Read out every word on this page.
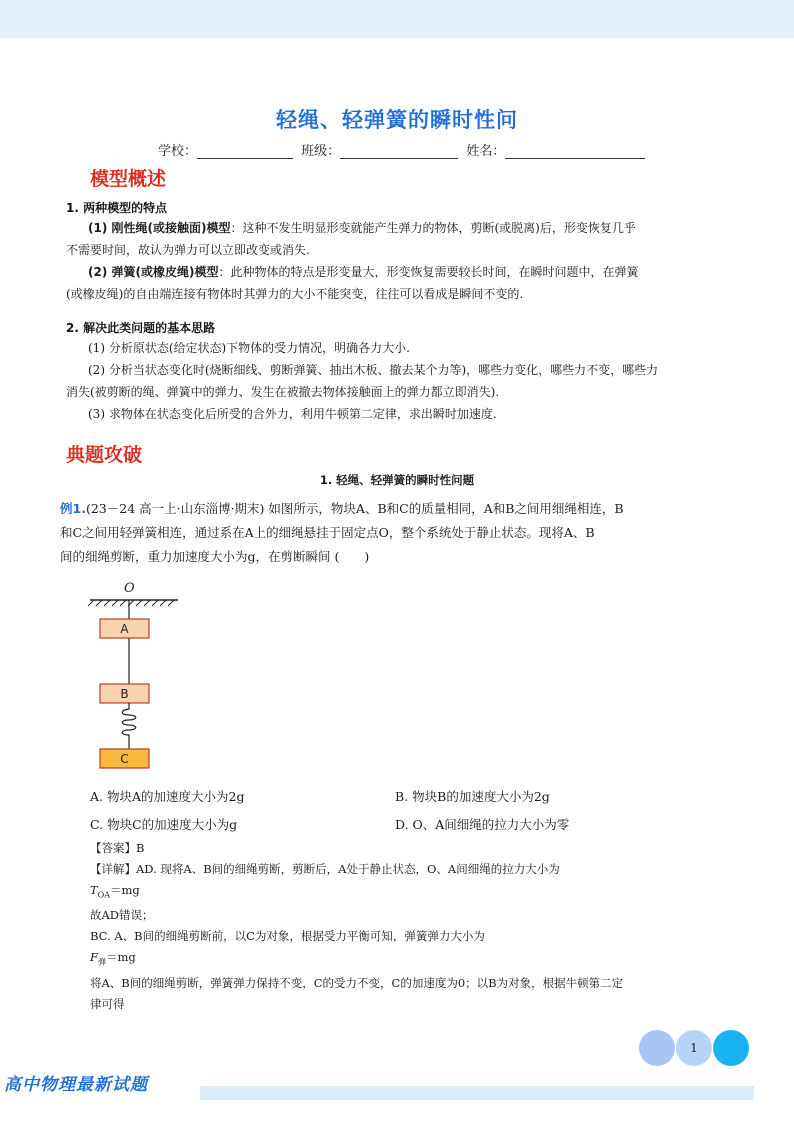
轻绳、轻弹簧的瞬时性问
学校：	班级：	姓名：
模型概述
1. 两种模型的特点
(1) 刚性绳(或接触面)模型：这种不发生明显形变就能产生弹力的物体，剪断(或脱离)后，形变恢复几乎
不需要时间，故认为弹力可以立即改变或消失.
(2) 弹簧(或橡皮绳)模型：此种物体的特点是形变量大，形变恢复需要较长时间，在瞬时问题中，在弹簧
(或橡皮绳)的自由端连接有物体时其弹力的大小不能突变，往往可以看成是瞬间不变的.
2. 解决此类问题的基本思路
(1) 分析原状态(给定状态)下物体的受力情况，明确各力大小.
(2) 分析当状态变化时(烧断细线、剪断弹簧、抽出木板、撤去某个力等)，哪些力变化，哪些力不变，哪些力
消失(被剪断的绳、弹簧中的弹力、发生在被撤去物体接触面上的弹力都立即消失).
(3) 求物体在状态变化后所受的合外力，利用牛顿第二定律，求出瞬时加速度.
典题攻破
1. 轻绳、轻弹簧的瞬时性问题
例1.(23－24 高一上·山东淄博·期末) 如图所示，物块A、B和C的质量相同，A和B之间用细绳相连，B
和C之间用轻弹簧相连，通过系在A上的细绳悬挂于固定点O，整个系统处于静止状态。现将A、B
间的细绳剪断，重力加速度大小为g，在剪断瞬间 (　　)
O
A
B
C
A. 物块A的加速度大小为2g	B. 物块B的加速度大小为2g
C. 物块C的加速度大小为g	D. O、A间细绳的拉力大小为零
【答案】B
【详解】AD. 现将A、B间的细绳剪断，剪断后，A处于静止状态，O、A间细绳的拉力大小为
$T_{OA}=mg$
故AD错误；
BC. A、B间的细绳剪断前，以C为对象，根据受力平衡可知，弹簧弹力大小为
$F_弹=mg$
将A、B间的细绳剪断，弹簧弹力保持不变，C的受力不变，C的加速度为0；以B为对象，根据牛顿第二定
律可得
1
高中物理最新试题
